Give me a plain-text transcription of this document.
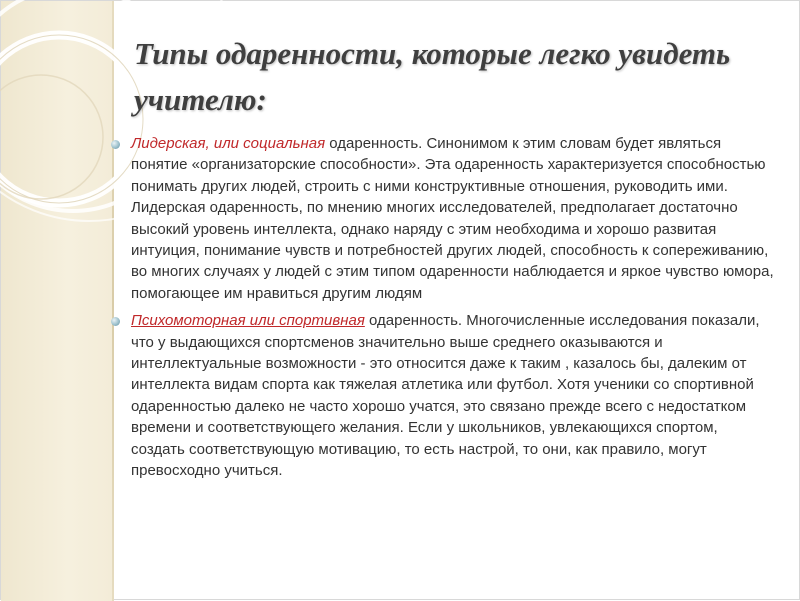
Типы одаренности, которые легко увидеть учителю:

Лидерская, или социальная одаренность. Синонимом к этим словам будет являться понятие «организаторские способности». Эта одаренность характеризуется способностью понимать других людей, строить с ними конструктивные отношения, руководить ими. Лидерская одаренность, по мнению многих исследователей, предполагает достаточно высокий уровень интеллекта, однако наряду с этим необходима и хорошо развитая интуиция, понимание чувств и потребностей других людей, способность к сопереживанию, во многих случаях у людей с этим типом одаренности наблюдается и яркое чувство юмора, помогающее им нравиться другим людям

Психомоторная или спортивная одаренность. Многочисленные исследования показали, что у выдающихся спортсменов значительно выше среднего оказываются и интеллектуальные возможности - это относится даже к таким , казалось бы, далеким от интеллекта видам спорта как тяжелая атлетика или футбол. Хотя ученики со спортивной одаренностью далеко не часто хорошо учатся, это связано прежде всего с недостатком времени и соответствующего желания. Если у школьников, увлекающихся спортом, создать соответствующую мотивацию, то есть настрой, то они, как правило, могут превосходно учиться.
